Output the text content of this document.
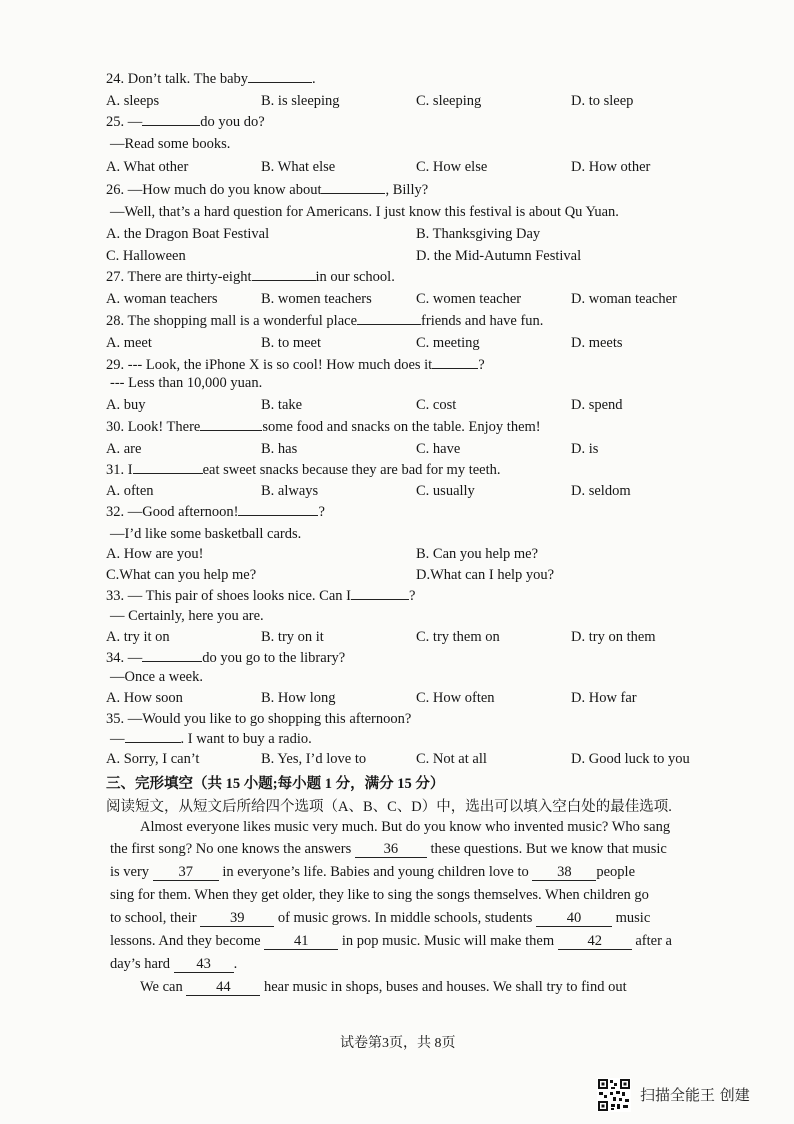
24. Don’t talk. The baby	.
A. sleeps	B. is sleeping	C. sleeping	D. to sleep
25. —	do you do?
—Read some books.
A. What other	B. What else	C. How else	D. How other
26. —How much do you know about	, Billy?
—Well, that’s a hard question for Americans. I just know this festival is about Qu Yuan.
A. the Dragon Boat Festival	B. Thanksgiving Day
C. Halloween	D. the Mid-Autumn Festival
27. There are thirty-eight	in our school.
A. woman teachers	B. women teachers	C. women teacher	D. woman teacher
28. The shopping mall is a wonderful place	friends and have fun.
A. meet	B. to meet	C. meeting	D. meets
29. --- Look, the iPhone X is so cool! How much does it	?
--- Less than 10,000 yuan.
A. buy	B. take	C. cost	D. spend
30. Look! There	some food and snacks on the table. Enjoy them!
A. are	B. has	C. have	D. is
31. I	eat sweet snacks because they are bad for my teeth.
A. often	B. always	C. usually	D. seldom
32. —Good afternoon!	?
—I’d like some basketball cards.
A. How are you!	B. Can you help me?
C.What can you help me?	D.What can I help you?
33. — This pair of shoes looks nice. Can I	?
— Certainly, here you are.
A. try it on	B. try on it	C. try them on	D. try on them
34. —	do you go to the library?
—Once a week.
A. How soon	B. How long	C. How often	D. How far
35. —Would you like to go shopping this afternoon?
—	. I want to buy a radio.
A. Sorry, I can’t	B. Yes, I’d love to	C. Not at all	D. Good luck to you
三、完形填空（共 15 小题;每小题 1 分，满分 15 分）
阅读短文，从短文后所给四个选项（A、B、C、D）中，选出可以填入空白处的最佳选项.
Almost everyone likes music very much. But do you know who invented music? Who sang
the first song? No one knows the answers 36 these questions. But we know that music
is very 37 in everyone’s life. Babies and young children love to 38 people
sing for them. When they get older, they like to sing the songs themselves. When children go
to school, their 39 of music grows. In middle schools, students 40 music
lessons. And they become 41 in pop music. Music will make them 42 after a
day’s hard 43 .
We can 44 hear music in shops, buses and houses. We shall try to find out
试卷第3页，共 8页
扫描全能王 创建
